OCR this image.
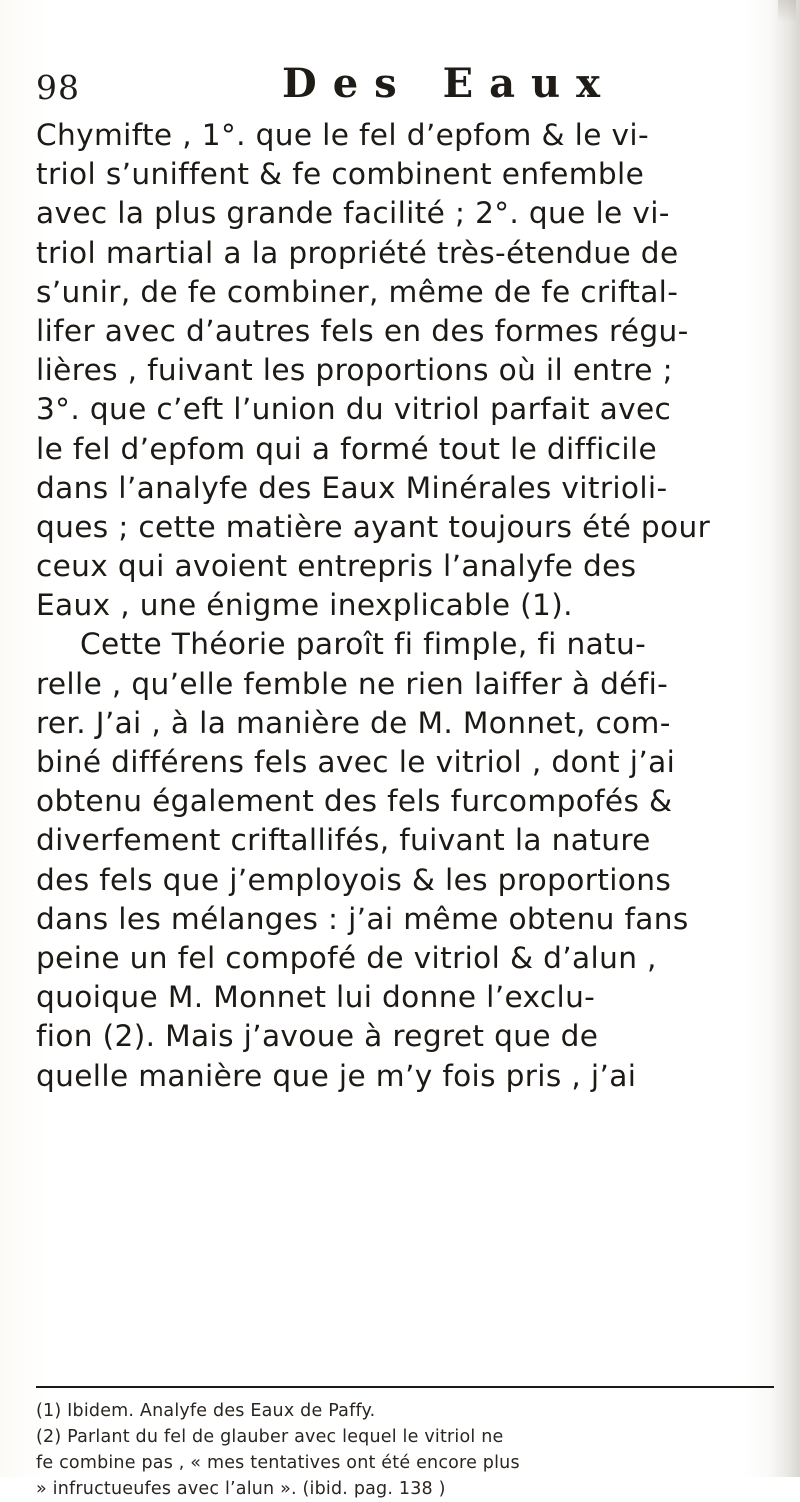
98	Des Eaux
Chymifte , 1°. que le fel d’epfom & le vi-
triol s’uniffent & fe combinent enfemble
avec la plus grande facilité ; 2°. que le vi-
triol martial a la propriété très-étendue de
s’unir, de fe combiner, même de fe criftal-
lifer avec d’autres fels en des formes régu-
lières , fuivant les proportions où il entre ;
3°. que c’eft l’union du vitriol parfait avec
le fel d’epfom qui a formé tout le difficile
dans l’analyfe des Eaux Minérales vitrioli-
ques ; cette matière ayant toujours été pour
ceux qui avoient entrepris l’analyfe des
Eaux , une énigme inexplicable (1).
Cette Théorie paroît fi fimple, fi natu-
relle , qu’elle femble ne rien laiffer à défi-
rer. J’ai , à la manière de M. Monnet, com-
biné différens fels avec le vitriol , dont j’ai
obtenu également des fels furcompofés &
diverfement criftallifés, fuivant la nature
des fels que j’employois & les proportions
dans les mélanges : j’ai même obtenu fans
peine un fel compofé de vitriol & d’alun ,
quoique M. Monnet lui donne l’exclu-
fion (2). Mais j’avoue à regret que de
quelle manière que je m’y fois pris , j’ai
(1) Ibidem. Analyfe des Eaux de Paffy.
(2) Parlant du fel de glauber avec lequel le vitriol ne
fe combine pas , « mes tentatives ont été encore plus
» infructueufes avec l’alun ». (ibid. pag. 138 )
